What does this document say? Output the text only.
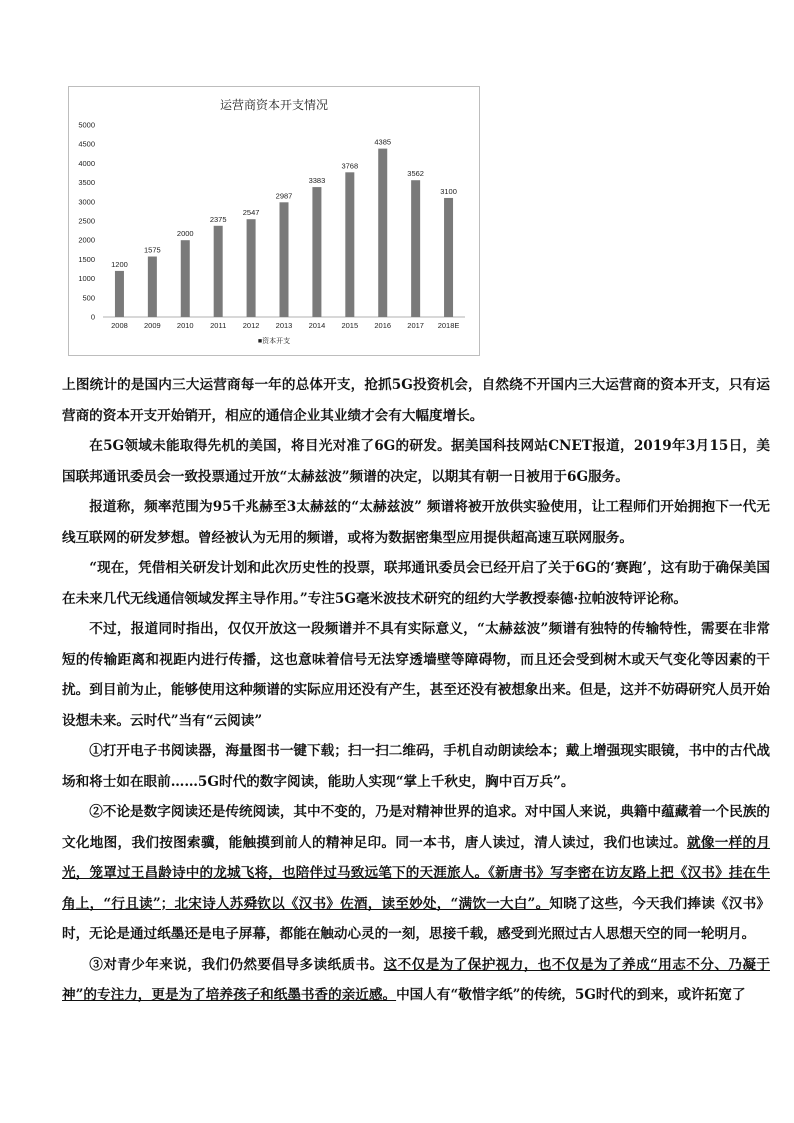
运营商资本开支情况
0
500
1000
1500
2000
2500
3000
3500
4000
4500
5000
2008 2009 2010 2011 2012 2013 2014 2015 2016 2017 2018E
1200
1575
2000
2375
2547
2987
3383
3768
4385
3562
3100
■资本开支

上图统计的是国内三大运营商每一年的总体开支，抢抓5G投资机会，自然绕不开国内三大运营商的资本开支，只有运营商的资本开支开始销开，相应的通信企业其业绩才会有大幅度增长。

在5G领域未能取得先机的美国，将目光对准了6G的研发。据美国科技网站CNET报道，2019年3月15日，美国联邦通讯委员会一致投票通过开放“太赫兹波”频谱的决定，以期其有朝一日被用于6G服务。

报道称，频率范围为95千兆赫至3太赫兹的“太赫兹波” 频谱将被开放供实验使用，让工程师们开始拥抱下一代无线互联网的研发梦想。曾经被认为无用的频谱，或将为数据密集型应用提供超高速互联网服务。

“现在，凭借相关研发计划和此次历史性的投票，联邦通讯委员会已经开启了关于6G的‘赛跑’，这有助于确保美国在未来几代无线通信领域发挥主导作用。”专注5G毫米波技术研究的纽约大学教授泰德·拉帕波特评论称。

不过，报道同时指出，仅仅开放这一段频谱并不具有实际意义，“太赫兹波”频谱有独特的传输特性，需要在非常短的传输距离和视距内进行传播，这也意味着信号无法穿透墙壁等障碍物，而且还会受到树木或天气变化等因素的干扰。到目前为止，能够使用这种频谱的实际应用还没有产生，甚至还没有被想象出来。但是，这并不妨碍研究人员开始设想未来。云时代”当有“云阅读”

①打开电子书阅读器，海量图书一键下载；扫一扫二维码，手机自动朗读绘本；戴上增强现实眼镜，书中的古代战场和将士如在眼前……5G时代的数字阅读，能助人实现“掌上千秋史，胸中百万兵”。

②不论是数字阅读还是传统阅读，其中不变的，乃是对精神世界的追求。对中国人来说，典籍中蕴藏着一个民族的文化地图，我们按图索骥，能触摸到前人的精神足印。同一本书，唐人读过，清人读过，我们也读过。就像一样的月光，笼罩过王昌龄诗中的龙城飞将，也陪伴过马致远笔下的天涯旅人。《新唐书》写李密在访友路上把《汉书》挂在牛角上，“行且读”；北宋诗人苏舜钦以《汉书》佐酒，读至妙处，“满饮一大白”。知晓了这些，今天我们捧读《汉书》时，无论是通过纸墨还是电子屏幕，都能在触动心灵的一刻，思接千载，感受到光照过古人思想天空的同一轮明月。

③对青少年来说，我们仍然要倡导多读纸质书。这不仅是为了保护视力，也不仅是为了养成“用志不分、乃凝于神”的专注力，更是为了培养孩子和纸墨书香的亲近感。中国人有“敬惜字纸”的传统，5G时代的到来，或许拓宽了
